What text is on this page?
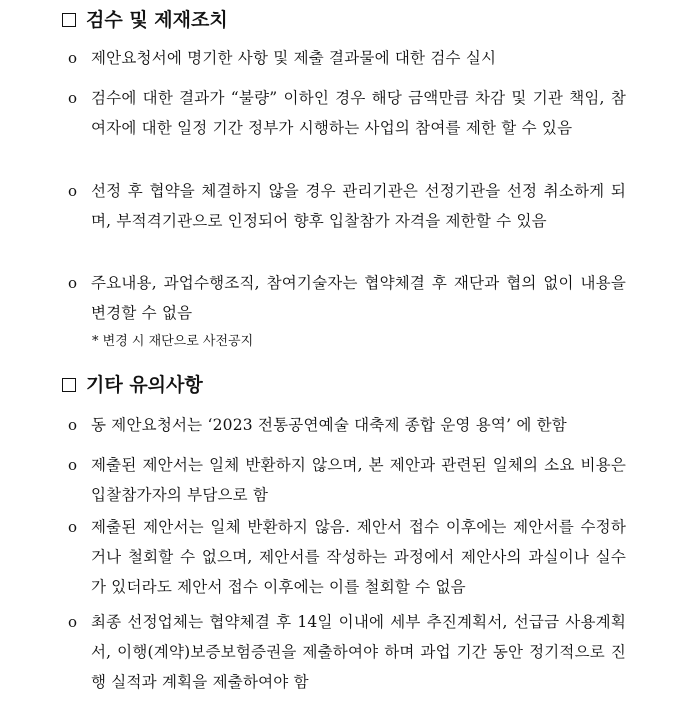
검수 및 제재조치
o 제안요청서에 명기한 사항 및 제출 결과물에 대한 검수 실시
o 검수에 대한 결과가 “불량” 이하인 경우 해당 금액만큼 차감 및 기관 책임, 참여자에 대한 일정 기간 정부가 시행하는 사업의 참여를 제한 할 수 있음
o 선정 후 협약을 체결하지 않을 경우 관리기관은 선정기관을 선정 취소하게 되며, 부적격기관으로 인정되어 향후 입찰참가 자격을 제한할 수 있음
o 주요내용, 과업수행조직, 참여기술자는 협약체결 후 재단과 협의 없이 내용을 변경할 수 없음
* 변경 시 재단으로 사전공지
기타 유의사항
o 동 제안요청서는 ‘2023 전통공연예술 대축제 종합 운영 용역’ 에 한함
o 제출된 제안서는 일체 반환하지 않으며, 본 제안과 관련된 일체의 소요 비용은 입찰참가자의 부담으로 함
o 제출된 제안서는 일체 반환하지 않음. 제안서 접수 이후에는 제안서를 수정하거나 철회할 수 없으며, 제안서를 작성하는 과정에서 제안사의 과실이나 실수가 있더라도 제안서 접수 이후에는 이를 철회할 수 없음
o 최종 선정업체는 협약체결 후 14일 이내에 세부 추진계획서, 선급금 사용계획서, 이행(계약)보증보험증권을 제출하여야 하며 과업 기간 동안 정기적으로 진행 실적과 계획을 제출하여야 함
